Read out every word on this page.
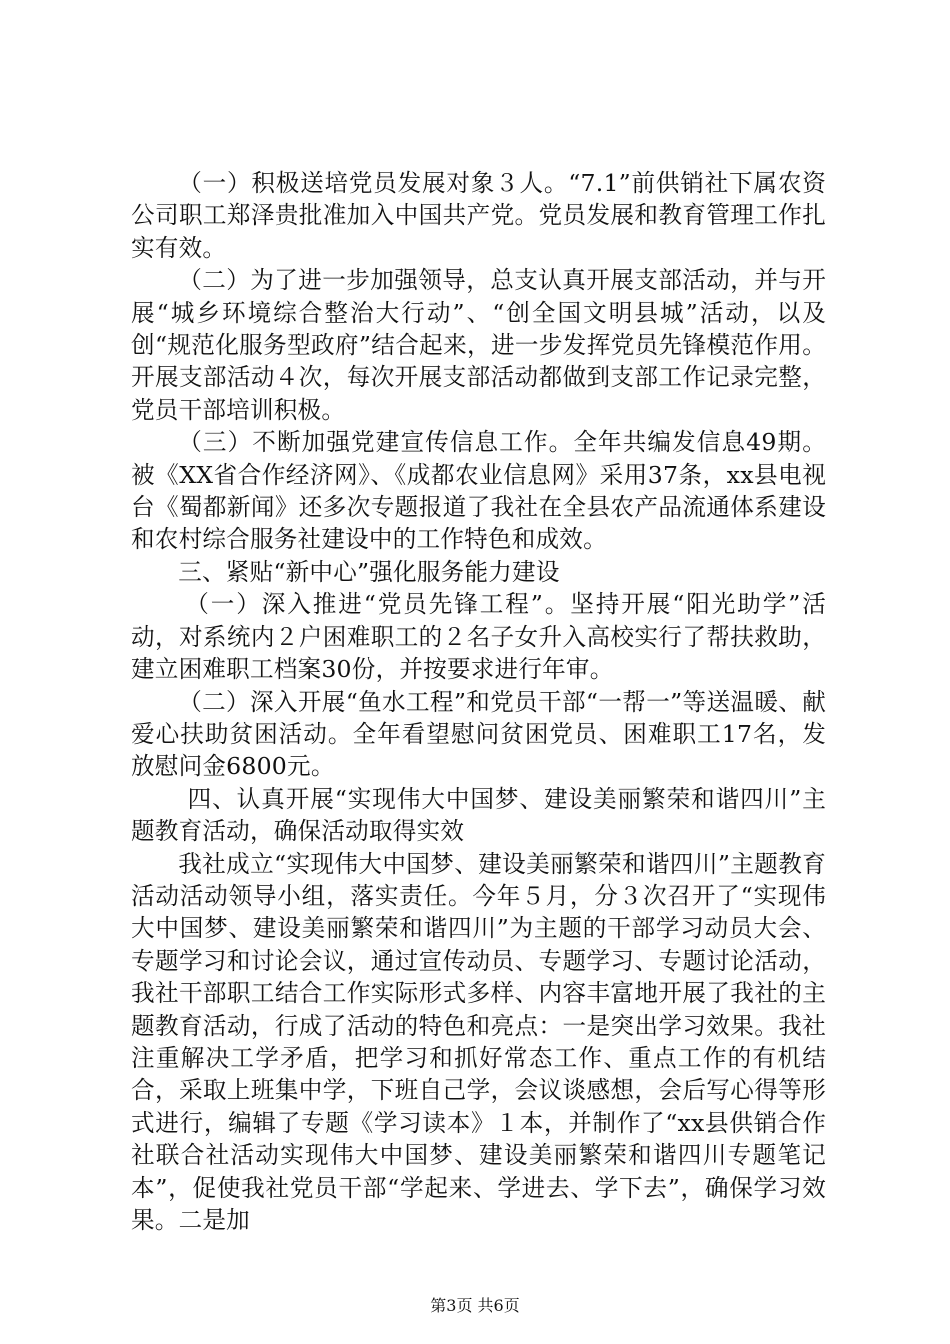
（一）积极送培党员发展对象３人。“7.1”前供销社下属农资公司职工郑泽贵批准加入中国共产党。党员发展和教育管理工作扎实有效。

（二）为了进一步加强领导，总支认真开展支部活动，并与开展“城乡环境综合整治大行动”、“创全国文明县城”活动，以及创“规范化服务型政府”结合起来，进一步发挥党员先锋模范作用。开展支部活动４次，每次开展支部活动都做到支部工作记录完整，党员干部培训积极。

（三）不断加强党建宣传信息工作。全年共编发信息49期。被《XX省合作经济网》、《成都农业信息网》采用37条，xx县电视台《蜀都新闻》还多次专题报道了我社在全县农产品流通体系建设和农村综合服务社建设中的工作特色和成效。

三、紧贴“新中心”强化服务能力建设

（一）深入推进“党员先锋工程”。坚持开展“阳光助学”活动，对系统内２户困难职工的２名子女升入高校实行了帮扶救助，建立困难职工档案30份，并按要求进行年审。

（二）深入开展“鱼水工程”和党员干部“一帮一”等送温暖、献爱心扶助贫困活动。全年看望慰问贫困党员、困难职工17名，发放慰问金6800元。

四、认真开展“实现伟大中国梦、建设美丽繁荣和谐四川”主题教育活动，确保活动取得实效

我社成立“实现伟大中国梦、建设美丽繁荣和谐四川”主题教育活动活动领导小组，落实责任。今年５月，分３次召开了“实现伟大中国梦、建设美丽繁荣和谐四川”为主题的干部学习动员大会、专题学习和讨论会议，通过宣传动员、专题学习、专题讨论活动，我社干部职工结合工作实际形式多样、内容丰富地开展了我社的主题教育活动，行成了活动的特色和亮点：一是突出学习效果。我社注重解决工学矛盾，把学习和抓好常态工作、重点工作的有机结合，采取上班集中学，下班自己学，会议谈感想，会后写心得等形式进行，编辑了专题《学习读本》１本，并制作了“xx县供销合作社联合社活动实现伟大中国梦、建设美丽繁荣和谐四川专题笔记本”，促使我社党员干部“学起来、学进去、学下去”，确保学习效果。二是加

第3页 共6页
